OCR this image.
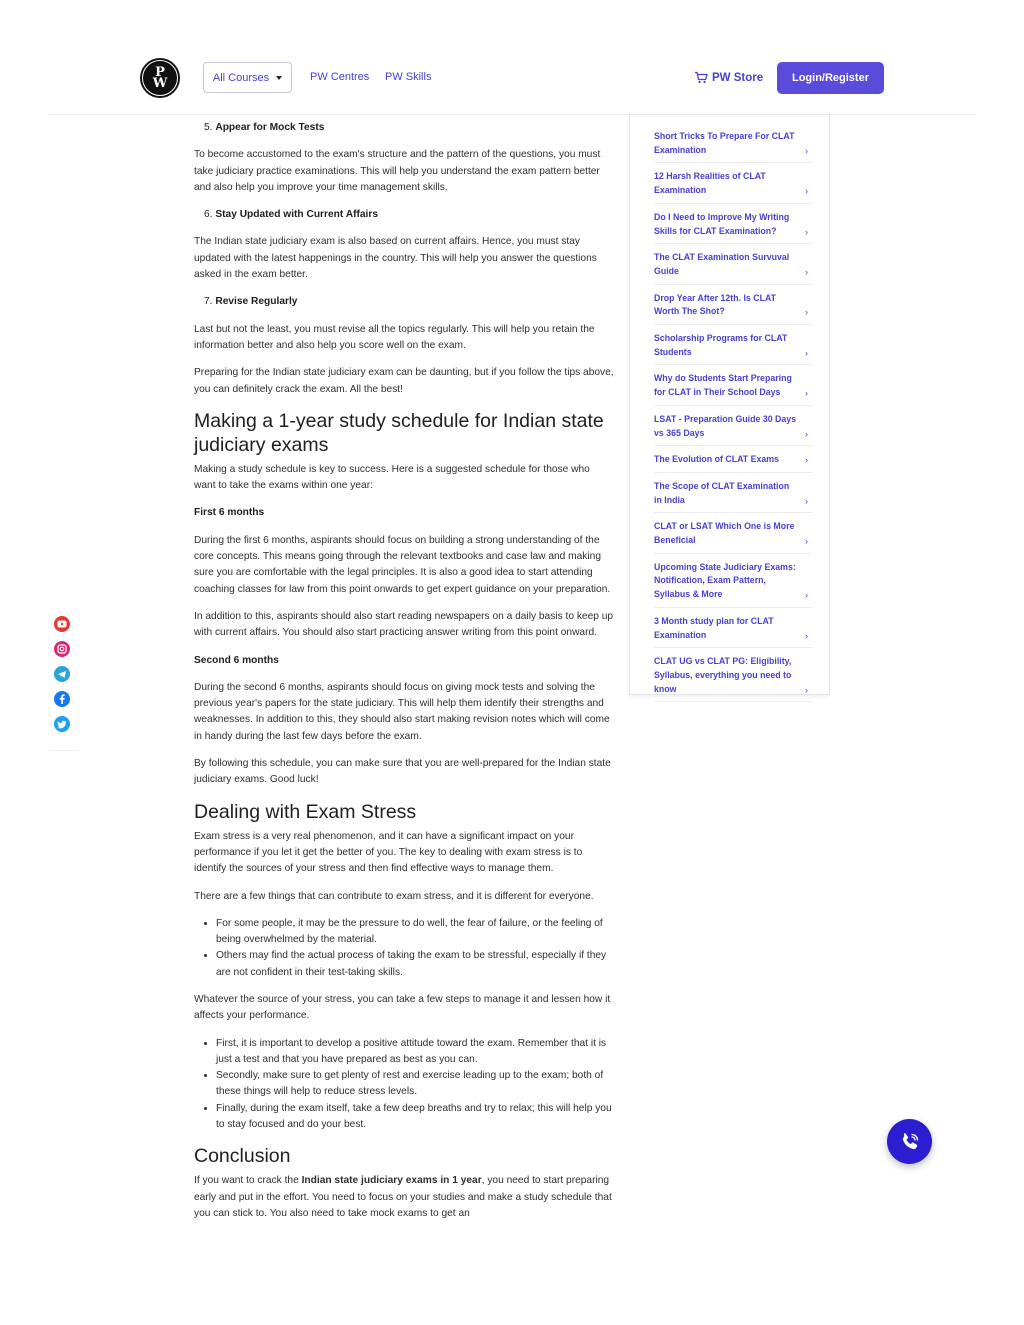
P
W	All Courses	PW Centres PW Skills	PW Store	Login/Register

5. Appear for Mock Tests

To become accustomed to the exam's structure and the pattern of the questions, you must take judiciary practice examinations. This will help you understand the exam pattern better and also help you improve your time management skills.

6. Stay Updated with Current Affairs

The Indian state judiciary exam is also based on current affairs. Hence, you must stay updated with the latest happenings in the country. This will help you answer the questions asked in the exam better.

7. Revise Regularly

Last but not the least, you must revise all the topics regularly. This will help you retain the information better and also help you score well on the exam.

Preparing for the Indian state judiciary exam can be daunting, but if you follow the tips above, you can definitely crack the exam. All the best!

Making a 1-year study schedule for Indian state judiciary exams

Making a study schedule is key to success. Here is a suggested schedule for those who want to take the exams within one year:

First 6 months

During the first 6 months, aspirants should focus on building a strong understanding of the core concepts. This means going through the relevant textbooks and case law and making sure you are comfortable with the legal principles. It is also a good idea to start attending coaching classes for law from this point onwards to get expert guidance on your preparation.

In addition to this, aspirants should also start reading newspapers on a daily basis to keep up with current affairs. You should also start practicing answer writing from this point onward.

Second 6 months

During the second 6 months, aspirants should focus on giving mock tests and solving the previous year's papers for the state judiciary. This will help them identify their strengths and weaknesses. In addition to this, they should also start making revision notes which will come in handy during the last few days before the exam.

By following this schedule, you can make sure that you are well-prepared for the Indian state judiciary exams. Good luck!

Dealing with Exam Stress

Exam stress is a very real phenomenon, and it can have a significant impact on your performance if you let it get the better of you. The key to dealing with exam stress is to identify the sources of your stress and then find effective ways to manage them.

There are a few things that can contribute to exam stress, and it is different for everyone.

• For some people, it may be the pressure to do well, the fear of failure, or the feeling of being overwhelmed by the material.
• Others may find the actual process of taking the exam to be stressful, especially if they are not confident in their test-taking skills.

Whatever the source of your stress, you can take a few steps to manage it and lessen how it affects your performance.

• First, it is important to develop a positive attitude toward the exam. Remember that it is just a test and that you have prepared as best as you can.
• Secondly, make sure to get plenty of rest and exercise leading up to the exam; both of these things will help to reduce stress levels.
• Finally, during the exam itself, take a few deep breaths and try to relax; this will help you to stay focused and do your best.
Conclusion

If you want to crack the Indian state judiciary exams in 1 year, you need to start preparing early and put in the effort. You need to focus on your studies and make a study schedule that you can stick to. You also need to take mock exams to get an

Short Tricks To Prepare For CLAT Examination	›
12 Harsh Realities of CLAT Examination	›
Do I Need to Improve My Writing Skills for CLAT Examination?	›
The CLAT Examination Survuval Guide	›
Drop Year After 12th. Is CLAT Worth The Shot?	›
Scholarship Programs for CLAT Students	›
Why do Students Start Preparing for CLAT in Their School Days	›
LSAT - Preparation Guide 30 Days vs 365 Days	›
The Evolution of CLAT Exams	›
The Scope of CLAT Examination in India	›
CLAT or LSAT Which One is More Beneficial	›
Upcoming State Judiciary Exams: Notification, Exam Pattern, Syllabus & More	›
3 Month study plan for CLAT Examination	›
CLAT UG vs CLAT PG: Eligibility, Syllabus, everything you need to know	›
